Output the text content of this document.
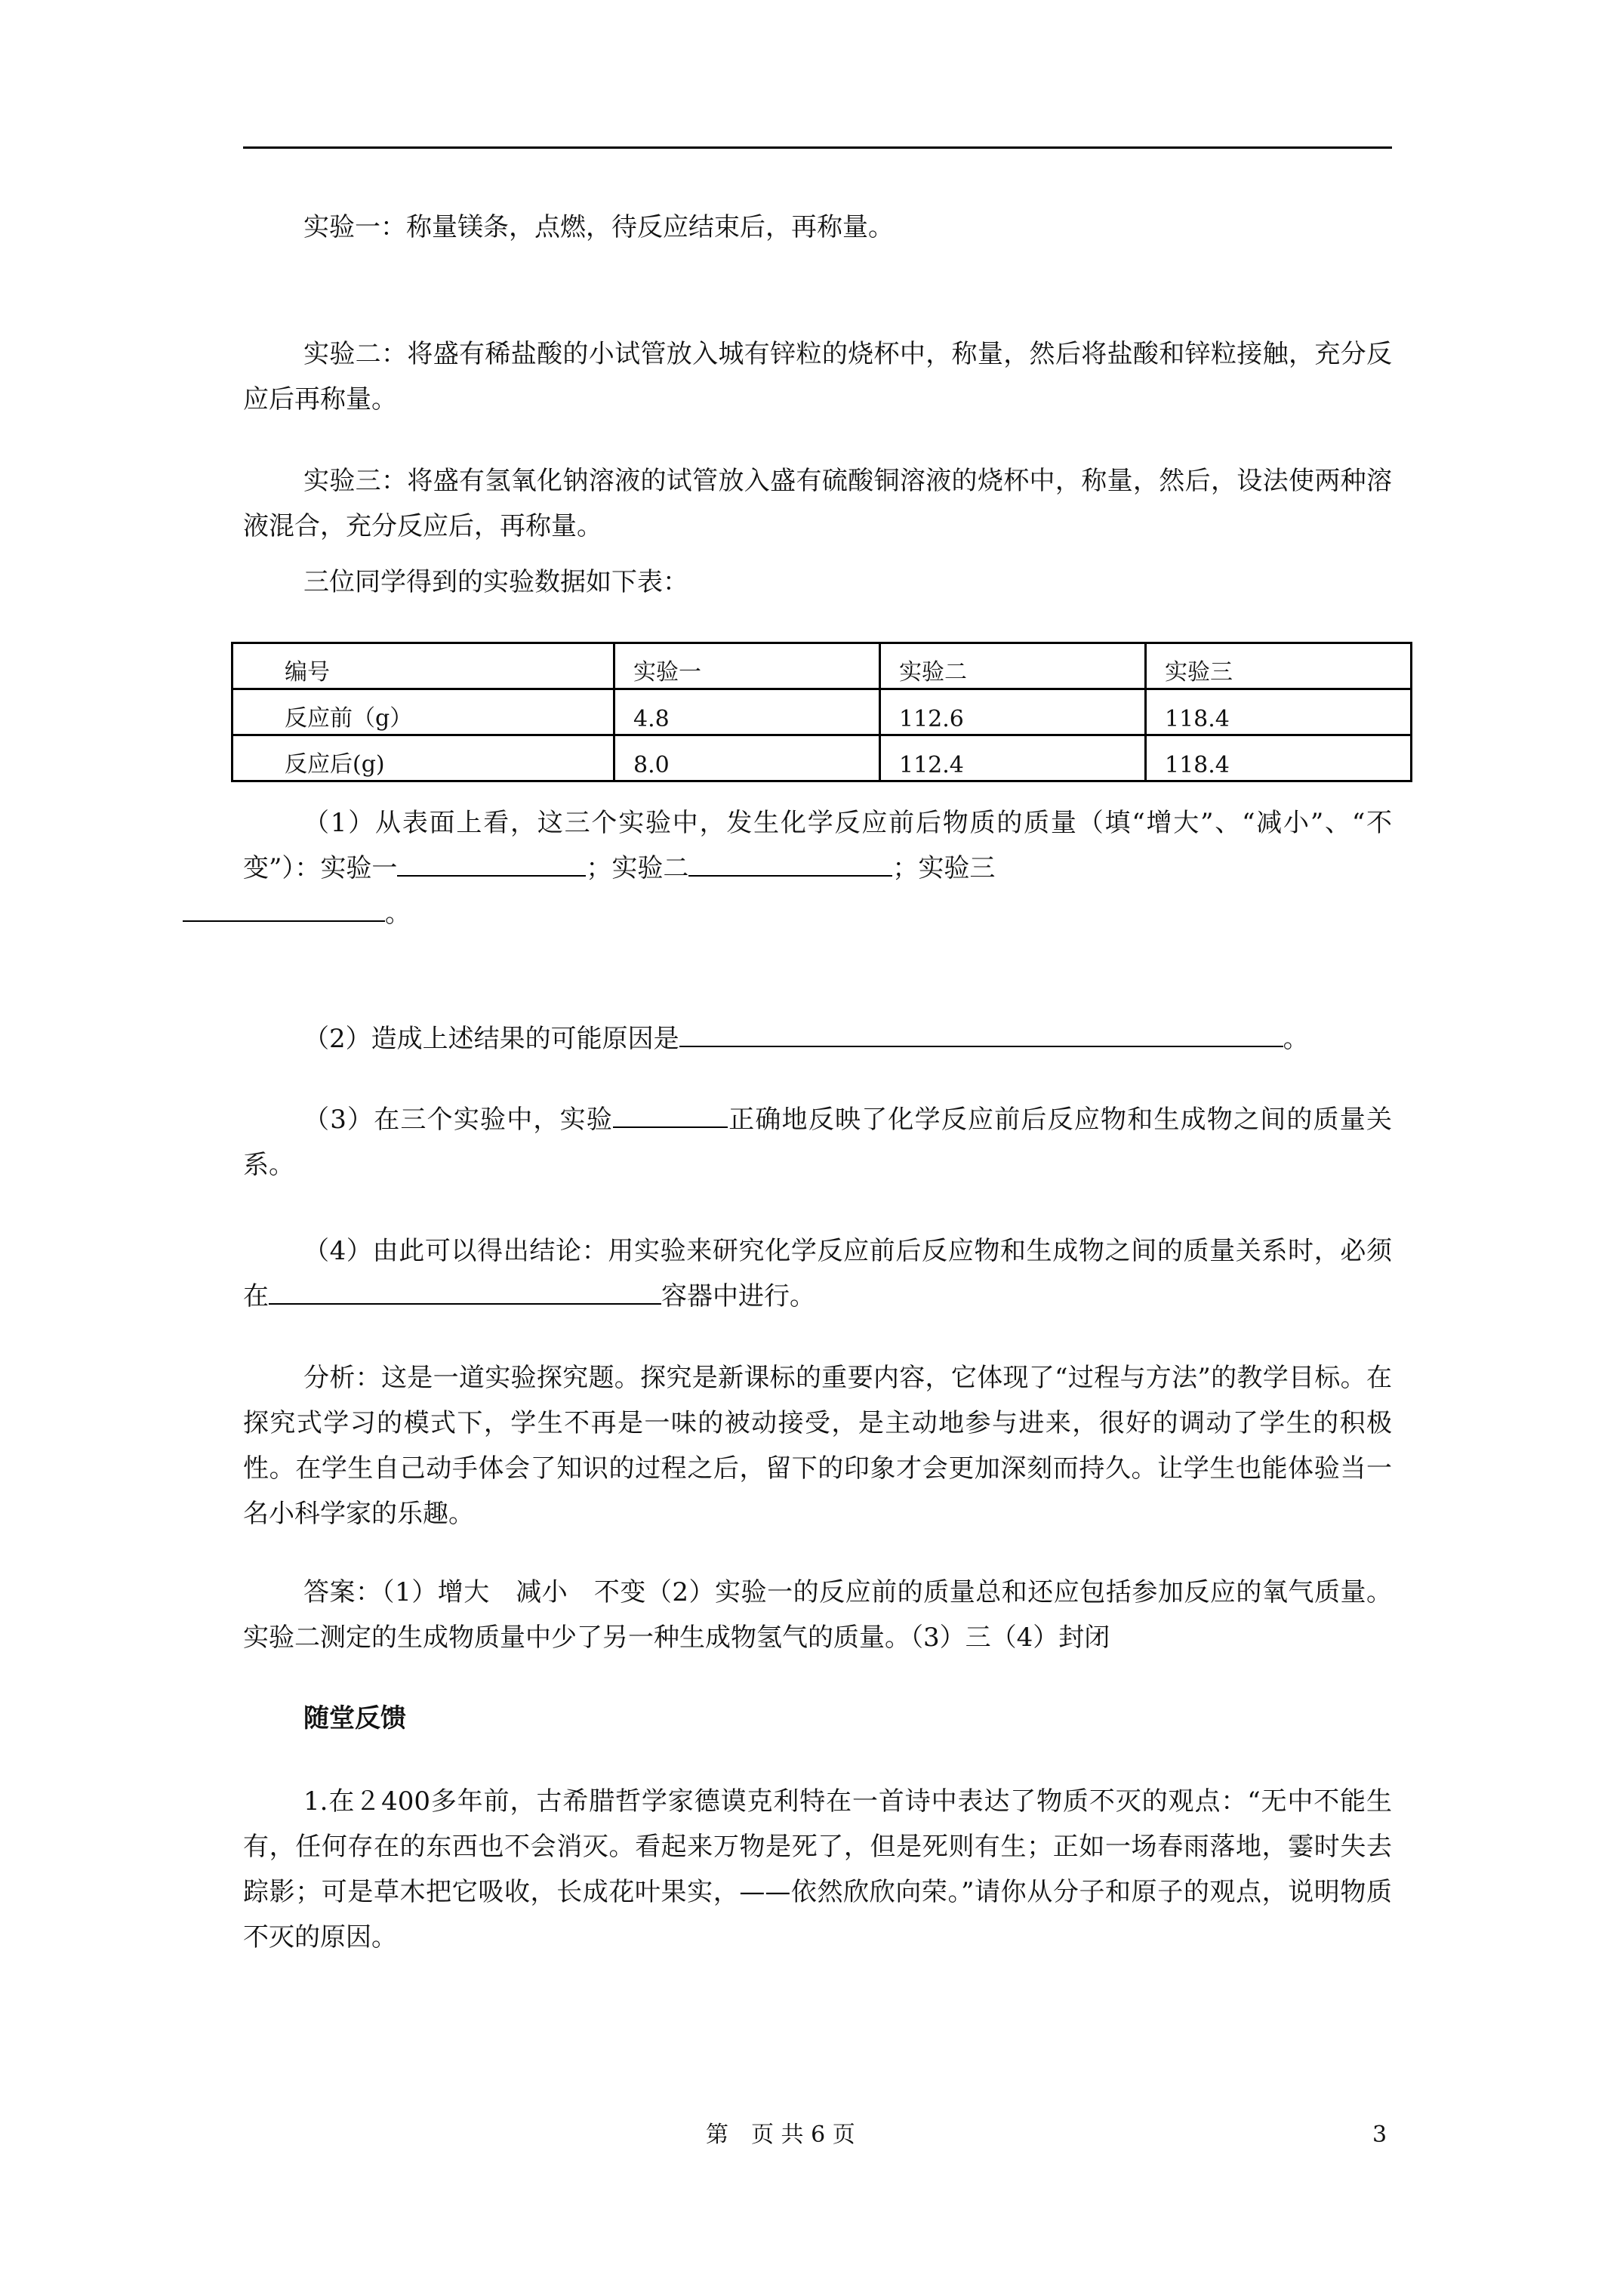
实验一：称量镁条，点燃，待反应结束后，再称量。

实验二：将盛有稀盐酸的小试管放入城有锌粒的烧杯中，称量，然后将盐酸和锌粒接触，充分反应后再称量。

实验三：将盛有氢氧化钠溶液的试管放入盛有硫酸铜溶液的烧杯中，称量，然后，设法使两种溶液混合，充分反应后，再称量。

三位同学得到的实验数据如下表：

编号	实验一	实验二	实验三
反应前（g）	4.8	112.6	118.4
反应后(g)	8.0	112.4	118.4

（1）从表面上看，这三个实验中，发生化学反应前后物质的质量（填“增大”、“减小”、“不变”）：实验一	；实验二	；实验三
。

（2）造成上述结果的可能原因是	。

（3）在三个实验中，实验	正确地反映了化学反应前后反应物和生成物之间的质量关系。

（4）由此可以得出结论：用实验来研究化学反应前后反应物和生成物之间的质量关系时，必须在	容器中进行。

分析：这是一道实验探究题。探究是新课标的重要内容，它体现了“过程与方法”的教学目标。在探究式学习的模式下，学生不再是一味的被动接受，是主动地参与进来，很好的调动了学生的积极性。在学生自己动手体会了知识的过程之后，留下的印象才会更加深刻而持久。让学生也能体验当一名小科学家的乐趣。

答案：（1）增大　减小　不变（2）实验一的反应前的质量总和还应包括参加反应的氧气质量。实验二测定的生成物质量中少了另一种生成物氢气的质量。（3）三（4）封闭

随堂反馈

1.在２400多年前，古希腊哲学家德谟克利特在一首诗中表达了物质不灭的观点：“无中不能生有，任何存在的东西也不会消灭。看起来万物是死了，但是死则有生；正如一场春雨落地，霎时失去踪影；可是草木把它吸收，长成花叶果实，——依然欣欣向荣。”请你从分子和原子的观点，说明物质不灭的原因。

第　页 共 6 页	3
